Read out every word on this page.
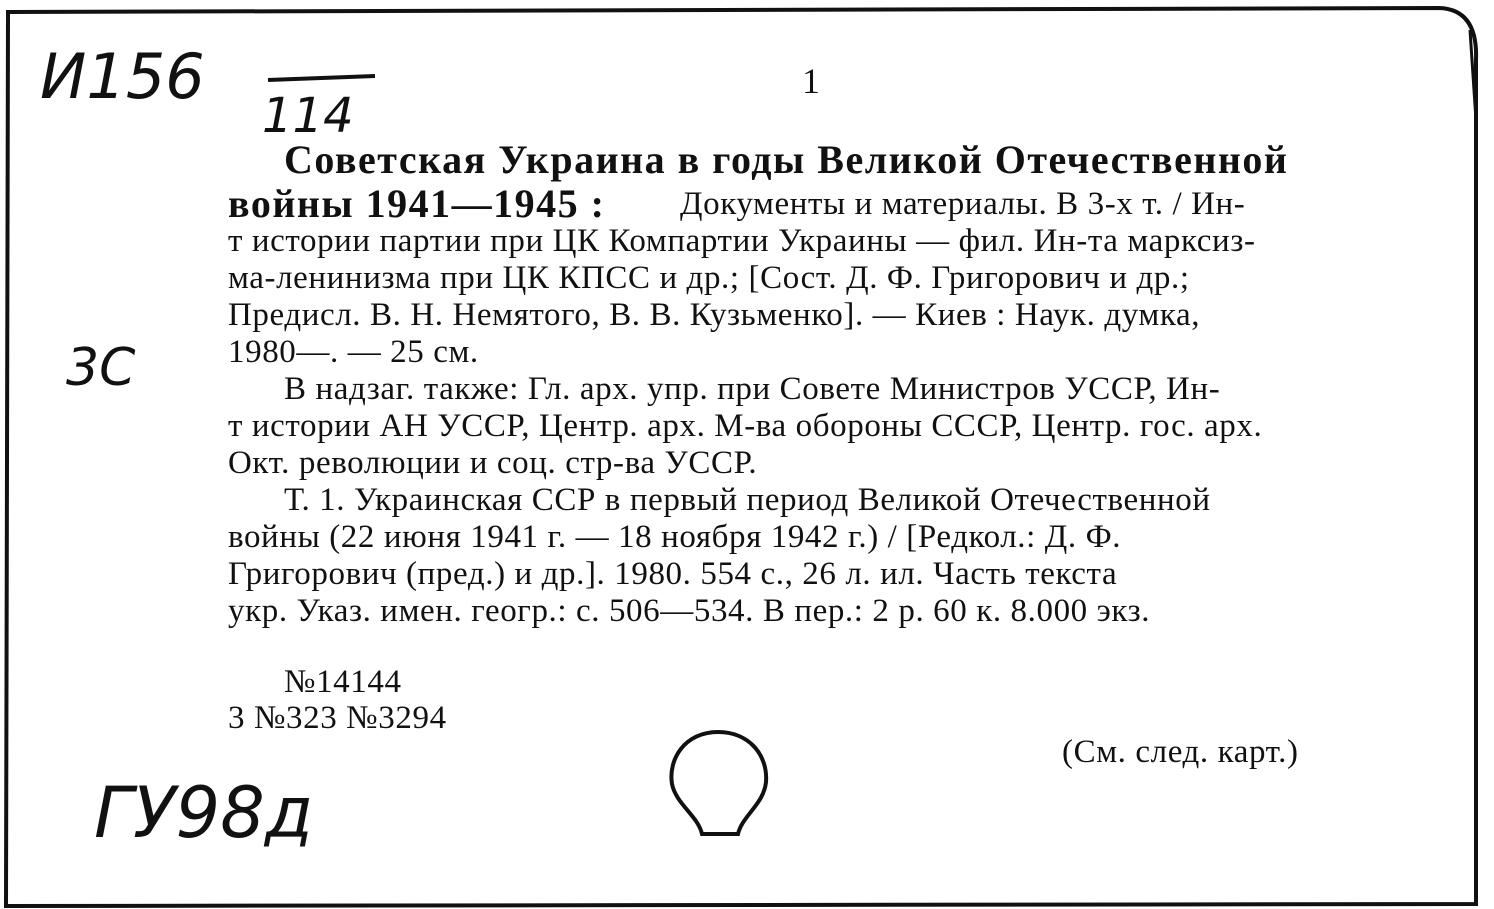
И156
114
1
3С
Советская Украина в годы Великой Отечественной
войны 1941—1945 : Документы и материалы. В 3-х т. / Ин-
т истории партии при ЦК Компартии Украины — фил. Ин-та марксиз-
ма-ленинизма при ЦК КПСС и др.; [Сост. Д. Ф. Григорович и др.;
Предисл. В. Н. Немятого, В. В. Кузьменко]. — Киев : Наук. думка,
1980—. — 25 см.
В надзаг. также: Гл. арх. упр. при Совете Министров УССР, Ин-
т истории АН УССР, Центр. арх. М-ва обороны СССР, Центр. гос. арх.
Окт. революции и соц. стр-ва УССР.
Т. 1. Украинская ССР в первый период Великой Отечественной
войны (22 июня 1941 г. — 18 ноября 1942 г.) / [Редкол.: Д. Ф.
Григорович (пред.) и др.]. 1980. 554 с., 26 л. ил. Часть текста
укр. Указ. имен. геогр.: с. 506—534. В пер.: 2 р. 60 к. 8.000 экз.
№14144
3 №323 №3294
(См. след. карт.)
ГУ98д
